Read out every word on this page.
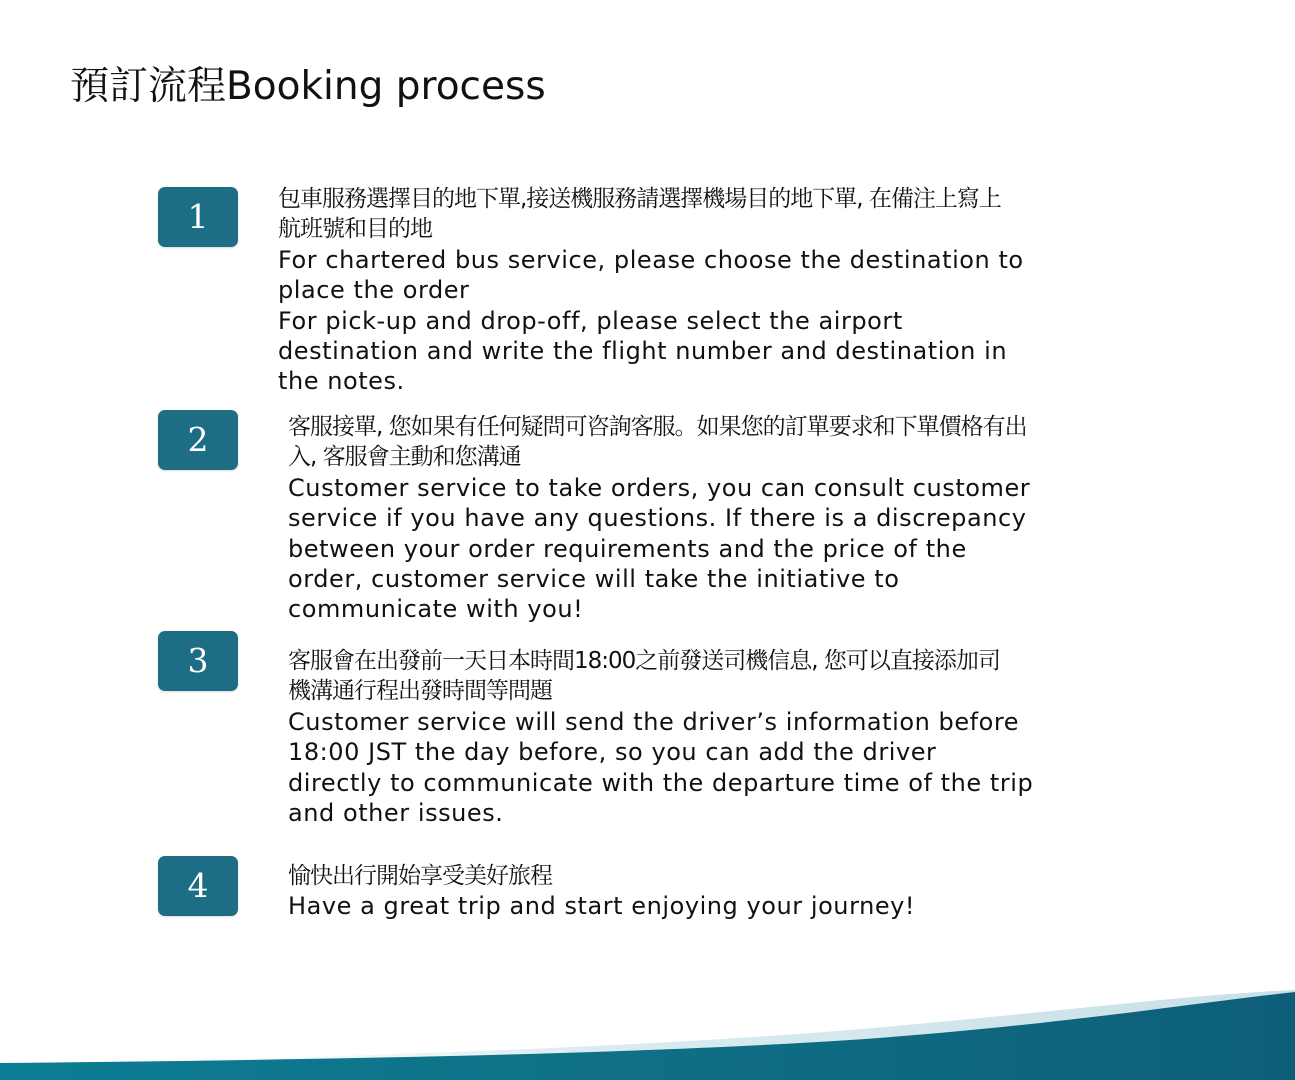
預訂流程Booking process
1	包車服務選擇目的地下單,接送機服務請選擇機場目的地下單, 在備注上寫上
航班號和目的地
For chartered bus service, please choose the destination to
place the order
For pick-up and drop-off, please select the airport
destination and write the flight number and destination in
the notes.
2	客服接單, 您如果有任何疑問可咨詢客服。如果您的訂單要求和下單價格有出
入, 客服會主動和您溝通
Customer service to take orders, you can consult customer
service if you have any questions. If there is a discrepancy
between your order requirements and the price of the
order, customer service will take the initiative to
communicate with you!
3	客服會在出發前一天日本時間18:00之前發送司機信息, 您可以直接添加司
機溝通行程出發時間等問題
Customer service will send the driver’s information before
18:00 JST the day before, so you can add the driver
directly to communicate with the departure time of the trip
and other issues.
4	愉快出行開始享受美好旅程
Have a great trip and start enjoying your journey!
